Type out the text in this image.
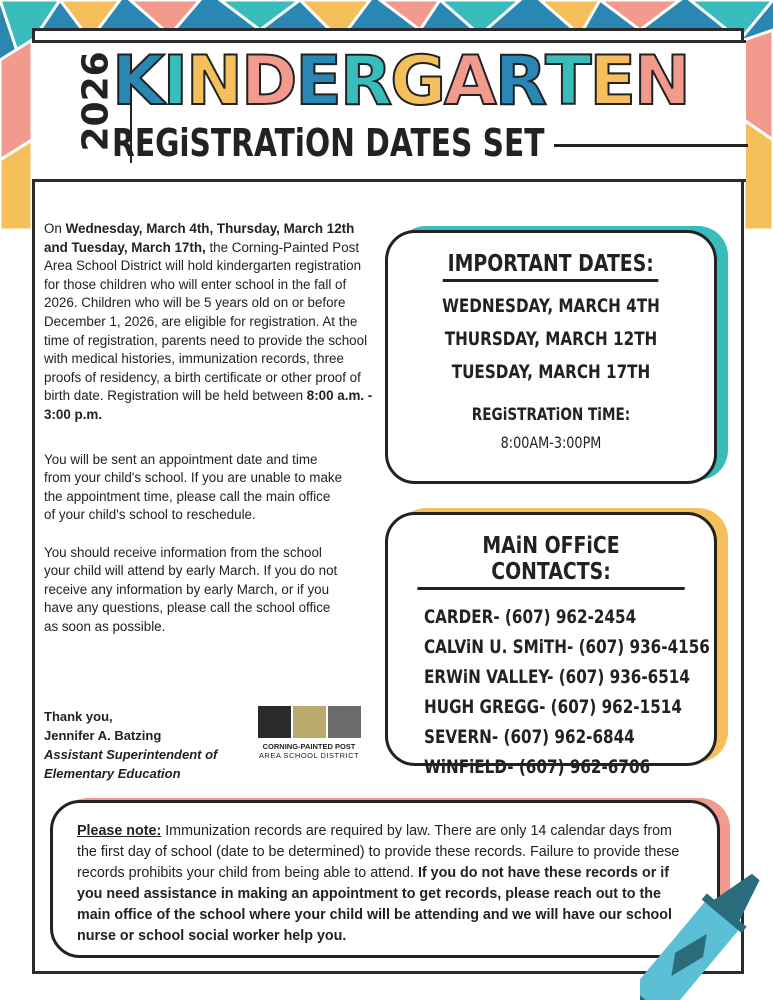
2026
KINDERGARTEN
REGiSTRATiON DATES SET

On Wednesday, March 4th, Thursday, March 12th and Tuesday, March 17th, the Corning-Painted Post Area School District will hold kindergarten registration for those children who will enter school in the fall of 2026. Children who will be 5 years old on or before December 1, 2026, are eligible for registration. At the time of registration, parents need to provide the school with medical histories, immunization records, three proofs of residency, a birth certificate or other proof of birth date. Registration will be held between 8:00 a.m. - 3:00 p.m.

You will be sent an appointment date and time from your child's school. If you are unable to make the appointment time, please call the main office of your child's school to reschedule.

You should receive information from the school your child will attend by early March. If you do not receive any information by early March, or if you have any questions, please call the school office as soon as possible.

Thank you,
Jennifer A. Batzing
Assistant Superintendent of Elementary Education
CORNING-PAINTED POST
AREA SCHOOL DISTRICT
IMPORTANT DATES:
WEDNESDAY, MARCH 4TH
THURSDAY, MARCH 12TH
TUESDAY, MARCH 17TH
REGiSTRATiON TiME:
8:00AM-3:00PM
MAiN OFFiCE CONTACTS:
CARDER- (607) 962-2454
CALViN U. SMiTH- (607) 936-4156
ERWiN VALLEY- (607) 936-6514
HUGH GREGG- (607) 962-1514
SEVERN- (607) 962-6844
WiNFiELD- (607) 962-6706
Please note: Immunization records are required by law. There are only 14 calendar days from the first day of school (date to be determined) to provide these records. Failure to provide these records prohibits your child from being able to attend. If you do not have these records or if you need assistance in making an appointment to get records, please reach out to the main office of the school where your child will be attending and we will have our school nurse or school social worker help you.
